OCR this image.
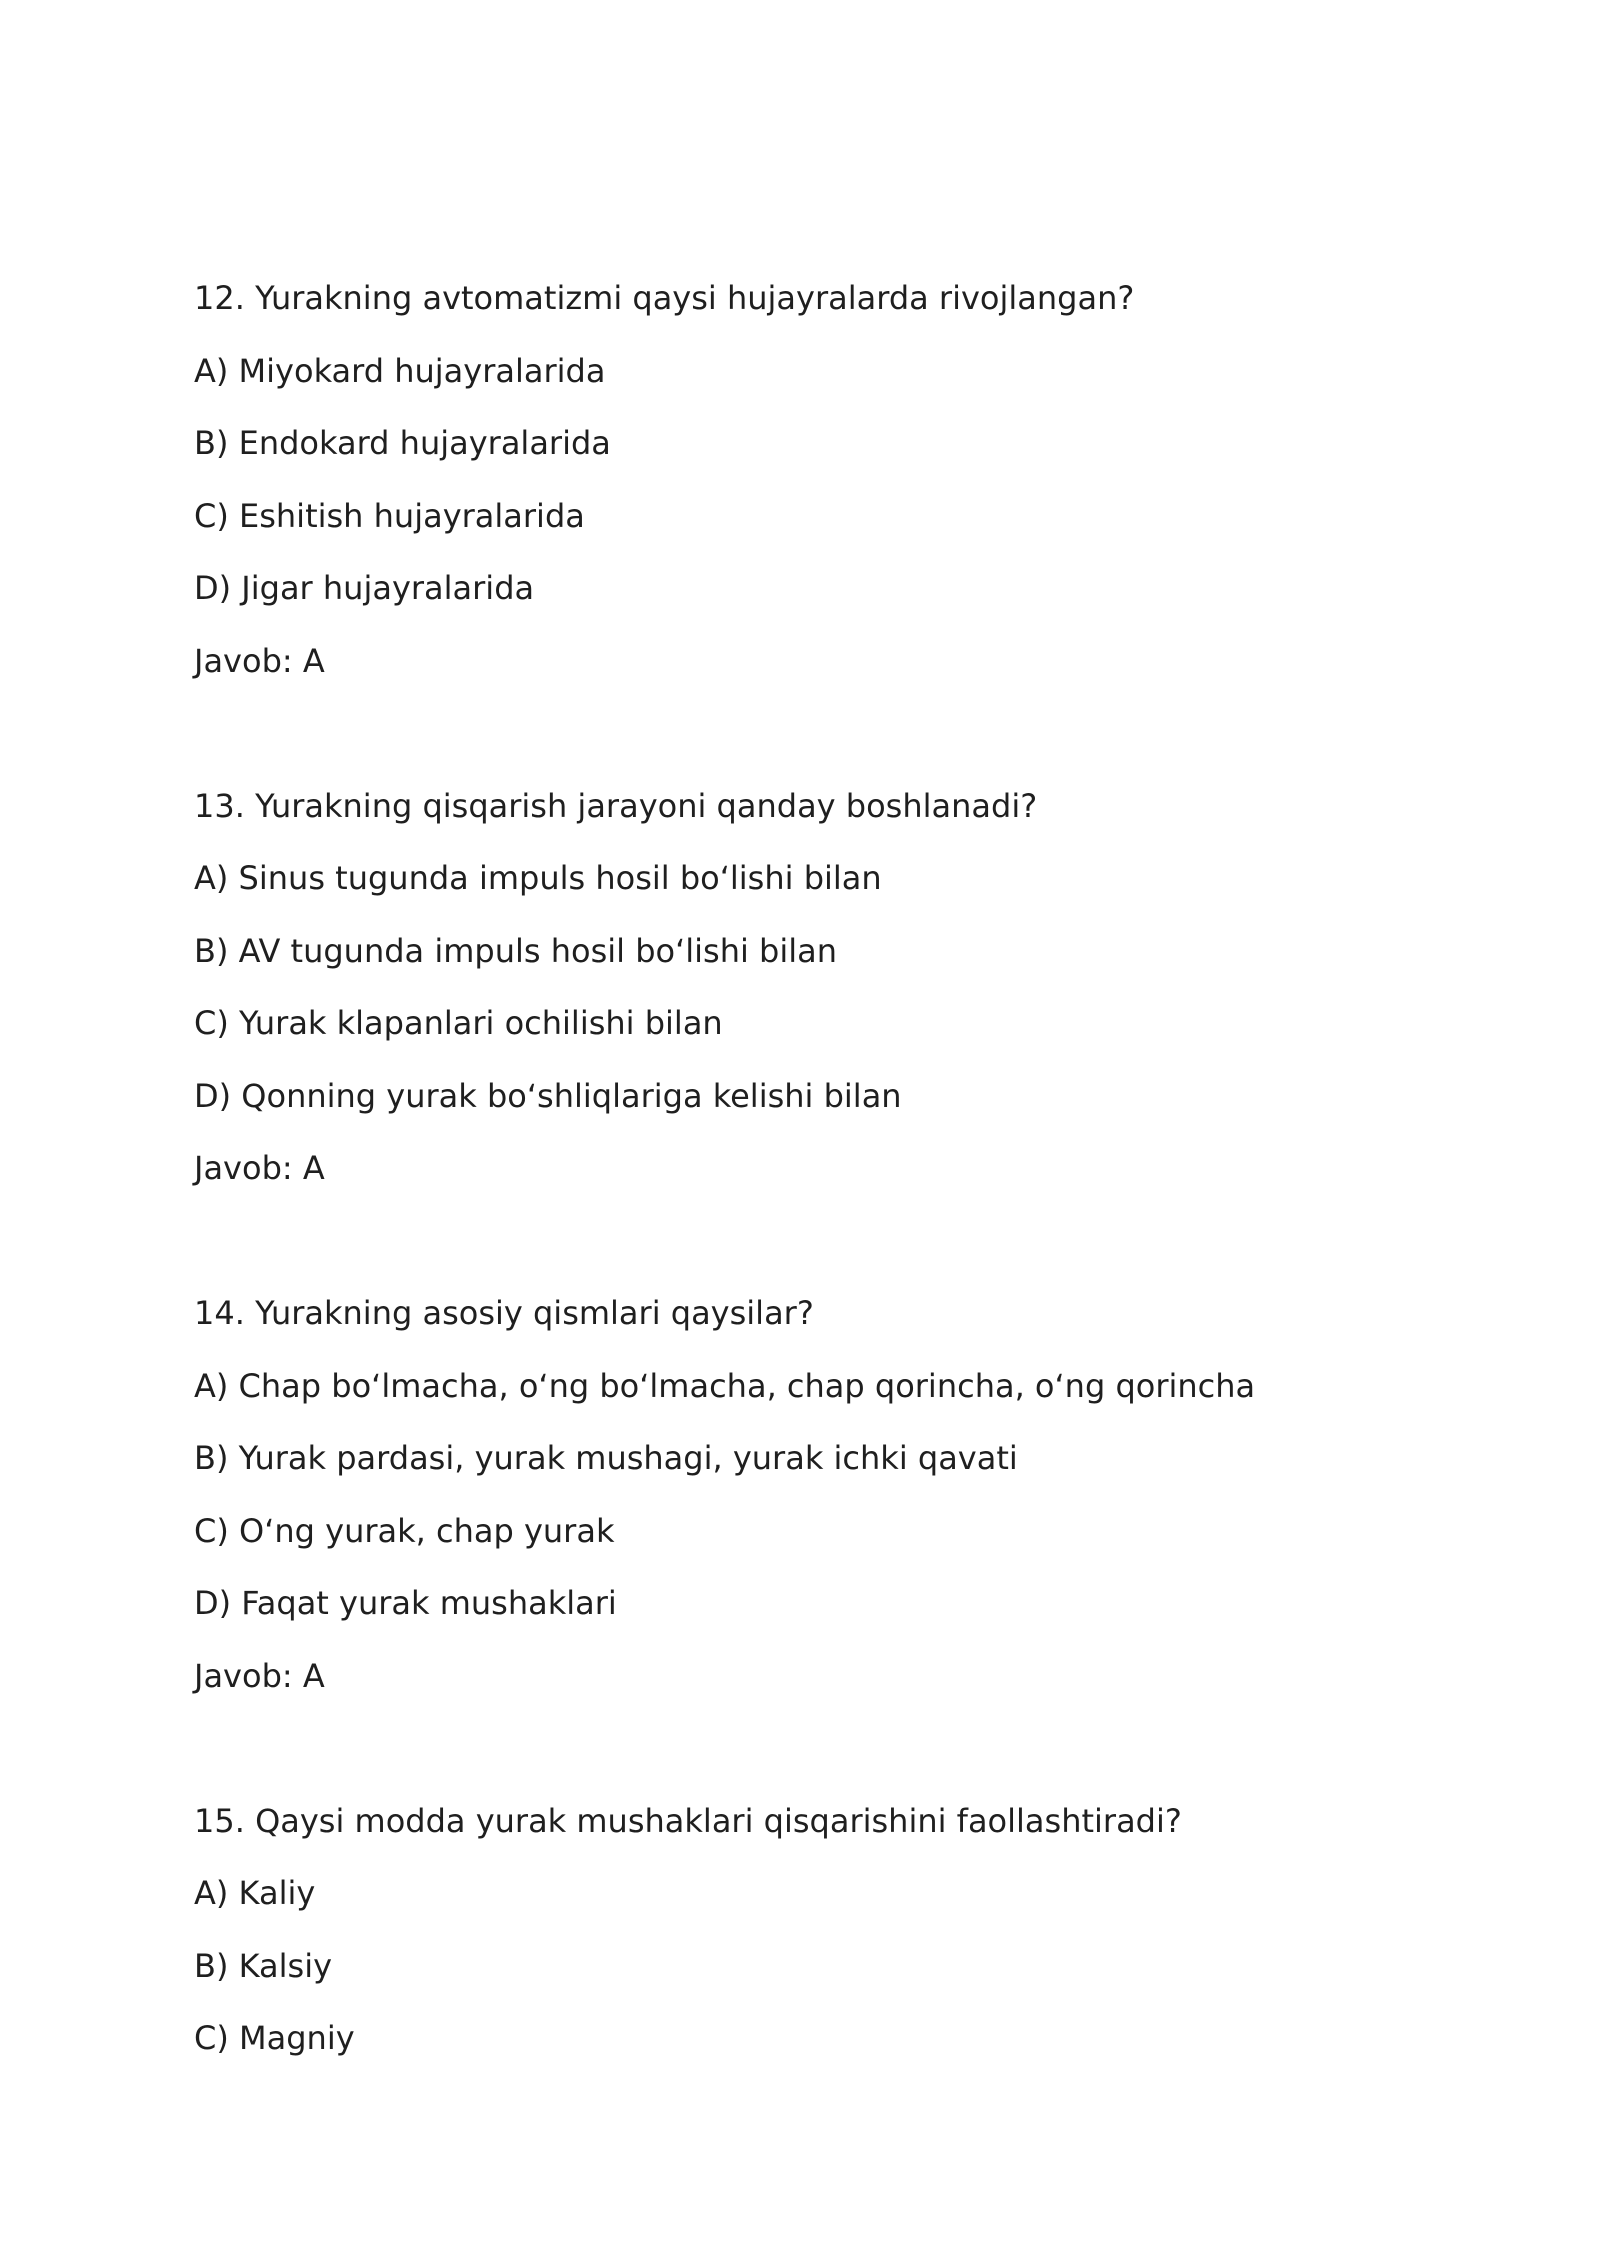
12. Yurakning avtomatizmi qaysi hujayralarda rivojlangan?
A) Miyokard hujayralarida
B) Endokard hujayralarida
C) Eshitish hujayralarida
D) Jigar hujayralarida
Javob: A
13. Yurakning qisqarish jarayoni qanday boshlanadi?
A) Sinus tugunda impuls hosil bo‘lishi bilan
B) AV tugunda impuls hosil bo‘lishi bilan
C) Yurak klapanlari ochilishi bilan
D) Qonning yurak bo‘shliqlariga kelishi bilan
Javob: A
14. Yurakning asosiy qismlari qaysilar?
A) Chap bo‘lmacha, o‘ng bo‘lmacha, chap qorincha, o‘ng qorincha
B) Yurak pardasi, yurak mushagi, yurak ichki qavati
C) O‘ng yurak, chap yurak
D) Faqat yurak mushaklari
Javob: A
15. Qaysi modda yurak mushaklari qisqarishini faollashtiradi?
A) Kaliy
B) Kalsiy
C) Magniy
